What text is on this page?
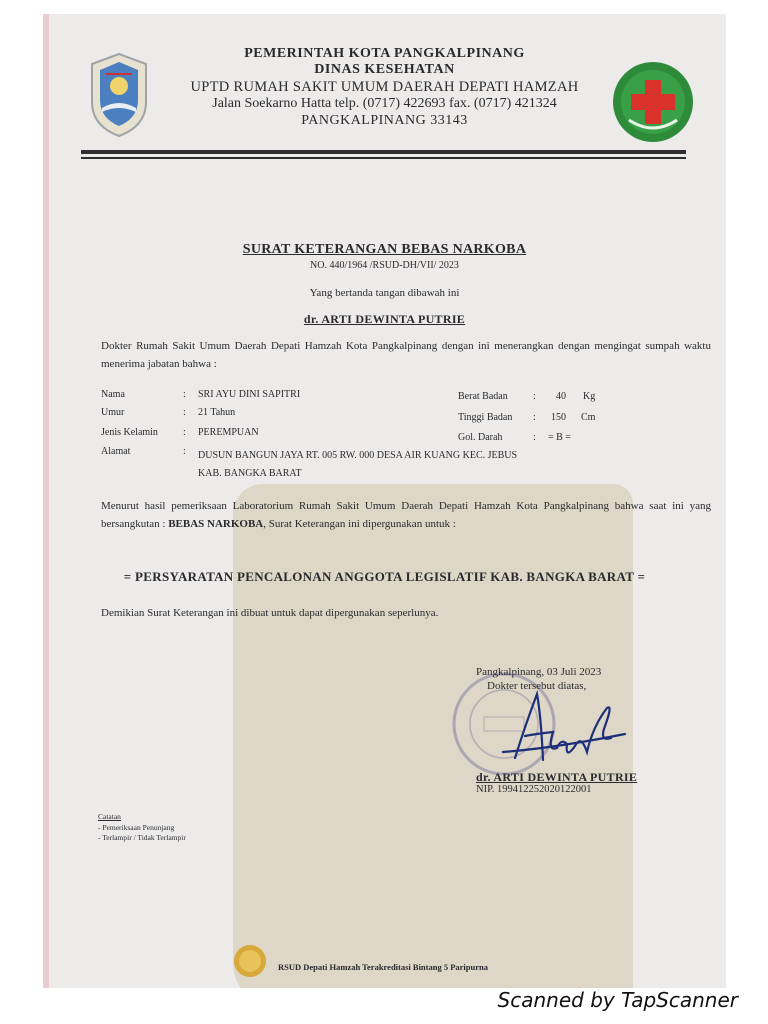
PEMERINTAH KOTA PANGKALPINANG
DINAS KESEHATAN
UPTD RUMAH SAKIT UMUM DAERAH DEPATI HAMZAH
Jalan Soekarno Hatta telp. (0717) 422693 fax. (0717) 421324
PANGKALPINANG 33143
SURAT KETERANGAN BEBAS NARKOBA
NO. 440/1964 /RSUD-DH/VII/ 2023
Yang bertanda tangan dibawah ini
dr. ARTI DEWINTA PUTRIE
Dokter Rumah Sakit Umum Daerah Depati Hamzah Kota Pangkalpinang dengan ini menerangkan dengan mengingat sumpah waktu menerima jabatan bahwa :
Nama	: SRI AYU DINI SAPITRI
Umur	: 21 Tahun
Jenis Kelamin	: PEREMPUAN
Alamat	: DUSUN BANGUN JAYA RT. 005 RW. 000 DESA AIR KUANG KEC. JEBUS
KAB. BANGKA BARAT
Berat Badan	: 40 Kg
Tinggi Badan : 150 Cm
Gol. Darah	: = B =
Menurut hasil pemeriksaan Laboratorium Rumah Sakit Umum Daerah Depati Hamzah Kota Pangkalpinang bahwa saat ini yang bersangkutan : BEBAS NARKOBA, Surat Keterangan ini dipergunakan untuk :
= PERSYARATAN PENCALONAN ANGGOTA LEGISLATIF KAB. BANGKA BARAT =
Demikian Surat Keterangan ini dibuat untuk dapat dipergunakan seperlunya.
Pangkalpinang, 03 Juli 2023
Dokter tersebut diatas,
dr. ARTI DEWINTA PUTRIE
NIP. 199412252020122001
Catatan
- Pemeriksaan Penunjang
- Terlampir / Tidak Terlampir
RSUD Depati Hamzah Terakreditasi Bintang 5 Paripurna
Scanned by TapScanner
